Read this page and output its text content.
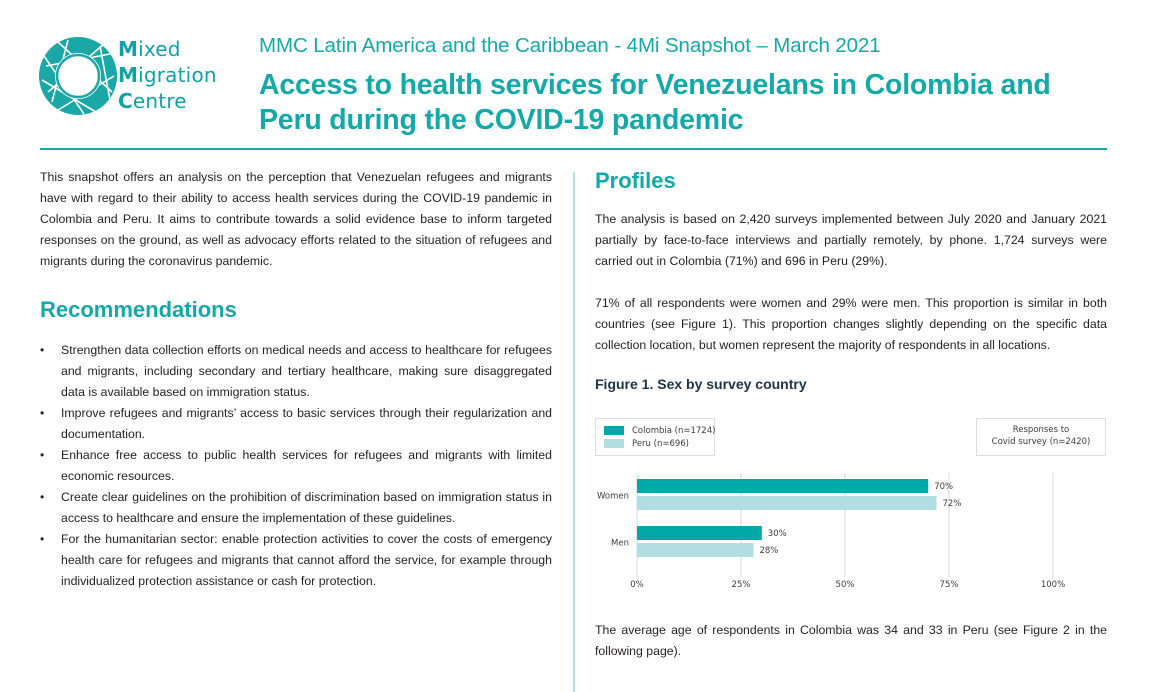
Mixed
Migration
Centre
MMC Latin America and the Caribbean - 4Mi Snapshot – March 2021
Access to health services for Venezuelans in Colombia and Peru during the COVID-19 pandemic

This snapshot offers an analysis on the perception that Venezuelan refugees and migrants have with regard to their ability to access health services during the COVID-19 pandemic in Colombia and Peru. It aims to contribute towards a solid evidence base to inform targeted responses on the ground, as well as advocacy efforts related to the situation of refugees and migrants during the coronavirus pandemic.

Recommendations
• Strengthen data collection efforts on medical needs and access to healthcare for refugees and migrants, including secondary and tertiary healthcare, making sure disaggregated data is available based on immigration status.
• Improve refugees and migrants’ access to basic services through their regularization and documentation.
• Enhance free access to public health services for refugees and migrants with limited economic resources.
• Create clear guidelines on the prohibition of discrimination based on immigration status in access to healthcare and ensure the implementation of these guidelines.
• For the humanitarian sector: enable protection activities to cover the costs of emergency health care for refugees and migrants that cannot afford the service, for example through individualized protection assistance or cash for protection.
Profiles

The analysis is based on 2,420 surveys implemented between July 2020 and January 2021 partially by face-to-face interviews and partially remotely, by phone. 1,724 surveys were carried out in Colombia (71%) and 696 in Peru (29%).

71% of all respondents were women and 29% were men. This proportion is similar in both countries (see Figure 1). This proportion changes slightly depending on the specific data collection location, but women represent the majority of respondents in all locations.

Figure 1. Sex by survey country
Colombia (n=1724)
Peru (n=696)
Responses to
Covid survey (n=2420)
0%	25%	50%	75%	100%
Women
70%
72%
Men
30%
28%

The average age of respondents in Colombia was 34 and 33 in Peru (see Figure 2 in the following page).
